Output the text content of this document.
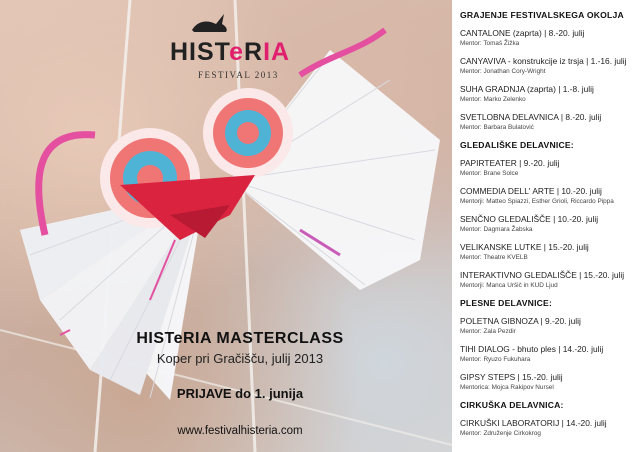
HISTeRIA
FESTIVAL 2013
HISTeRIA MASTERCLASS
Koper pri Gračišču, julij 2013
PRIJAVE do 1. junija
www.festivalhisteria.com
GRAJENJE FESTIVALSKEGA OKOLJA
CANTALONE (zaprta) | 8.-20. julij
Mentor: Tomaš Žižka
CANYAVIVA - konstrukcije iz trsja | 1.-16. julij
Mentor: Jonathan Cory-Wright
SUHA GRADNJA (zaprta) | 1.-8. julij
Mentor: Marko Zelenko
SVETLOBNA DELAVNICA | 8.-20. julij
Mentor: Barbara Bulatović
GLEDALIŠKE DELAVNICE:
PAPIRTEATER | 9.-20. julij
Mentor: Brane Solce
COMMEDIA DELL' ARTE | 10.-20. julij
Mentorji: Matteo Spiazzi, Esther Grioli, Riccardo Pippa
SENČNO GLEDALIŠČE | 10.-20. julij
Mentor: Dagmara Žabska
VELIKANSKE LUTKE | 15.-20. julij
Mentor: Theatre KVELB
INTERAKTIVNO GLEDALIŠČE | 15.-20. julij
Mentorji: Manca Uršič in KUD Ljud
PLESNE DELAVNICE:
POLETNA GIBNOZA | 9.-20. julij
Mentor: Zala Pezdir
TIHI DIALOG - bhuto ples | 14.-20. julij
Mentor: Ryuzo Fukuhara
GIPSY STEPS | 15.-20. julij
Mentorica: Mojca Rakipov Nursel
CIRKUŠKA DELAVNICA:
CIRKUŠKI LABORATORIJ | 14.-20. julij
Mentor: Združenje Cirkokrog
